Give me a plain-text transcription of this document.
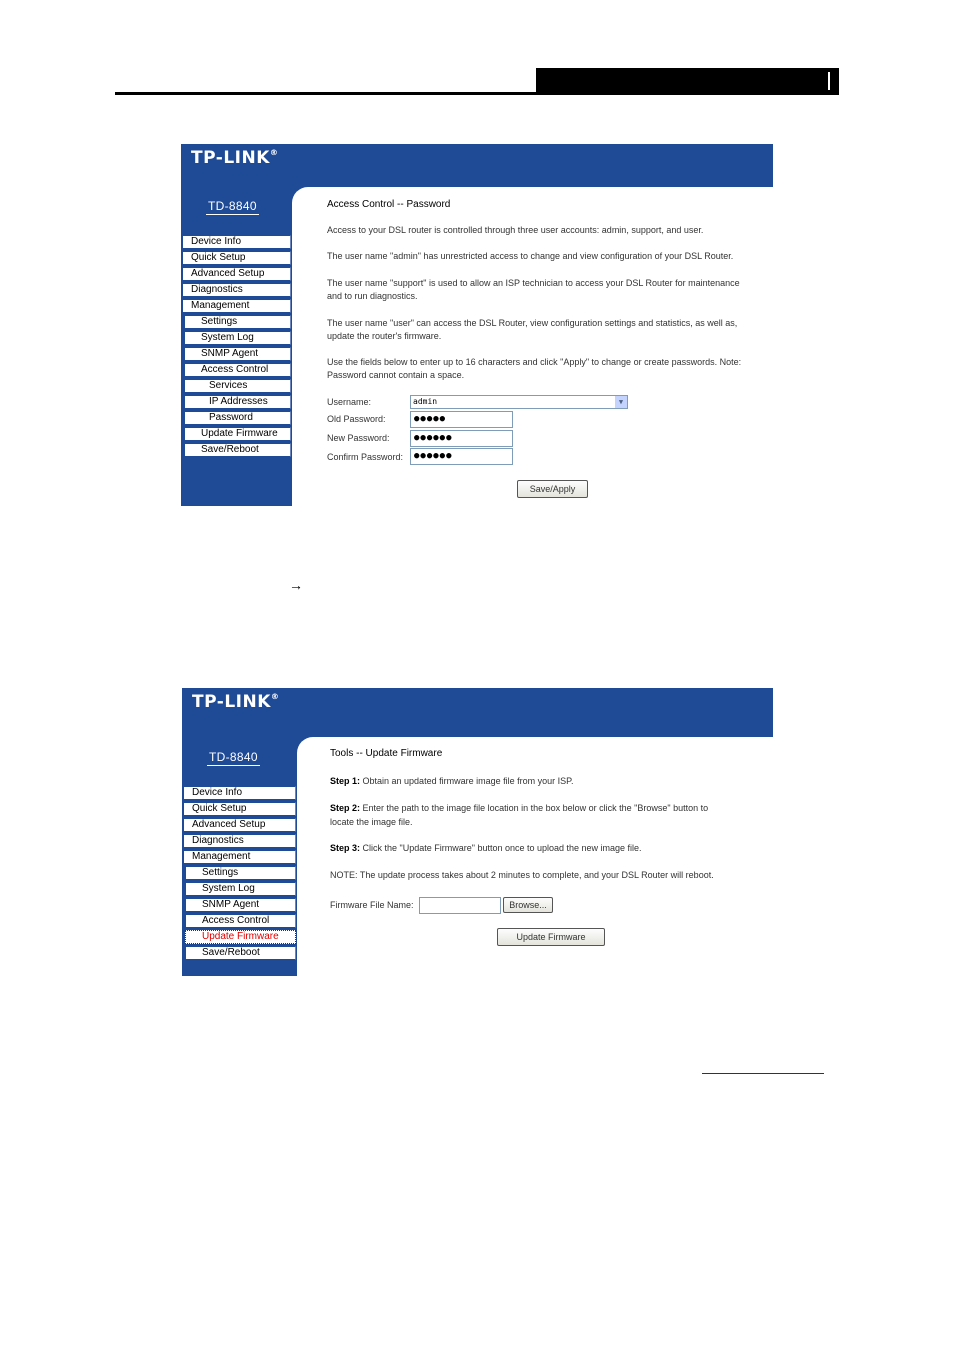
TP-LINK®
TD-8840
Device Info
Quick Setup
Advanced Setup
Diagnostics
Management
Settings
System Log
SNMP Agent
Access Control
Services
IP Addresses
Password
Update Firmware
Save/Reboot
Access Control -- Password
Access to your DSL router is controlled through three user accounts: admin, support, and user.
The user name "admin" has unrestricted access to change and view configuration of your DSL Router.
The user name "support" is used to allow an ISP technician to access your DSL Router for maintenance
and to run diagnostics.
The user name "user" can access the DSL Router, view configuration settings and statistics, as well as,
update the router's firmware.
Use the fields below to enter up to 16 characters and click "Apply" to change or create passwords. Note:
Password cannot contain a space.
Username:	admin	▼
Old Password:	●●●●●
New Password:	●●●●●●
Confirm Password:	●●●●●●
Save/Apply
→
TP-LINK®
TD-8840
Device Info
Quick Setup
Advanced Setup
Diagnostics
Management
Settings
System Log
SNMP Agent
Access Control
Update Firmware
Save/Reboot
Tools -- Update Firmware
Step 1: Obtain an updated firmware image file from your ISP.
Step 2: Enter the path to the image file location in the box below or click the "Browse" button to
locate the image file.
Step 3: Click the "Update Firmware" button once to upload the new image file.
NOTE: The update process takes about 2 minutes to complete, and your DSL Router will reboot.
Firmware File Name:	Browse...
Update Firmware
